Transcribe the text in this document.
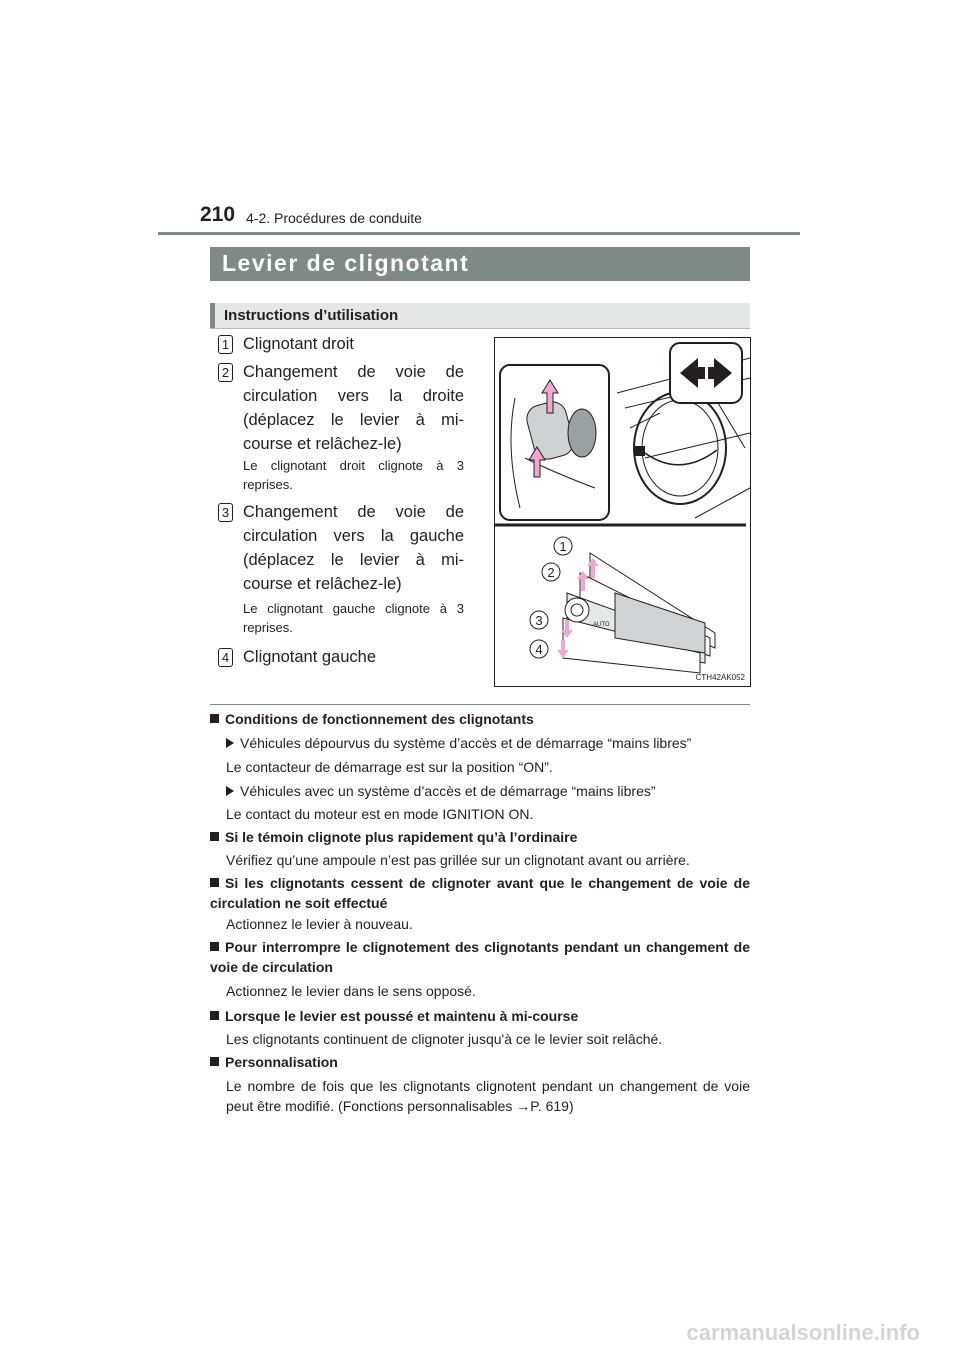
210 4-2. Procédures de conduite
Levier de clignotant
Instructions d’utilisation
1 Clignotant droit
2 Changement de voie de circulation vers la droite (déplacez le levier à mi-course et relâchez-le)
Le clignotant droit clignote à 3 reprises.
3 Changement de voie de circulation vers la gauche (déplacez le levier à mi-course et relâchez-le)
Le clignotant gauche clignote à 3 reprises.
4 Clignotant gauche
AUTO
1
2
3
4
CTH42AK052
Conditions de fonctionnement des clignotants
Véhicules dépourvus du système d’accès et de démarrage “mains libres”
Le contacteur de démarrage est sur la position “ON”.
Véhicules avec un système d’accès et de démarrage “mains libres”
Le contact du moteur est en mode IGNITION ON.
Si le témoin clignote plus rapidement qu’à l’ordinaire
Vérifiez qu’une ampoule n’est pas grillée sur un clignotant avant ou arrière.
Si les clignotants cessent de clignoter avant que le changement de voie de circulation ne soit effectué
Actionnez le levier à nouveau.
Pour interrompre le clignotement des clignotants pendant un changement de voie de circulation
Actionnez le levier dans le sens opposé.
Lorsque le levier est poussé et maintenu à mi-course
Les clignotants continuent de clignoter jusqu'à ce le levier soit relâché.
Personnalisation
Le nombre de fois que les clignotants clignotent pendant un changement de voie peut être modifié. (Fonctions personnalisables →P. 619)
carmanualsonline.info
